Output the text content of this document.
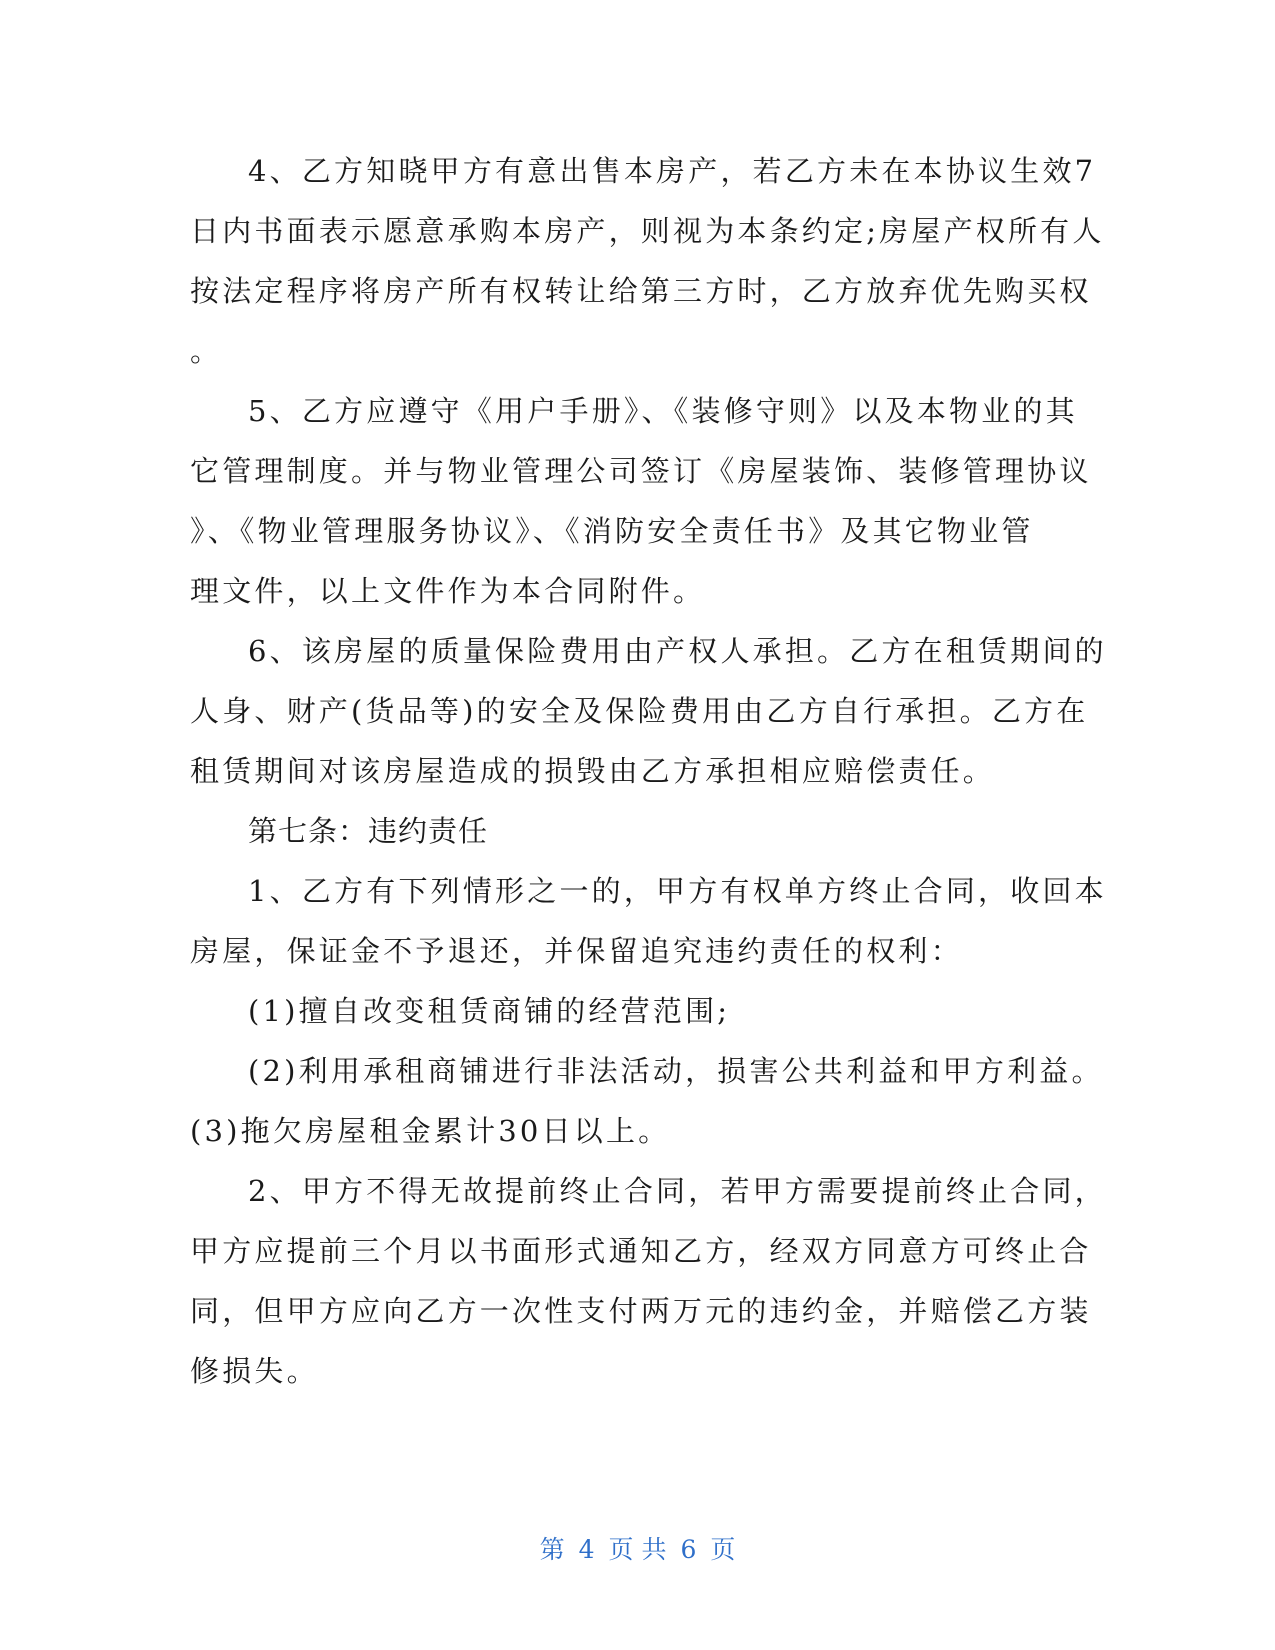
4、乙方知晓甲方有意出售本房产，若乙方未在本协议生效7
日内书面表示愿意承购本房产，则视为本条约定;房屋产权所有人
按法定程序将房产所有权转让给第三方时，乙方放弃优先购买权
。
5、乙方应遵守《用户手册》、《装修守则》以及本物业的其
它管理制度。并与物业管理公司签订《房屋装饰、装修管理协议
》、《物业管理服务协议》、《消防安全责任书》及其它物业管
理文件，以上文件作为本合同附件。
6、该房屋的质量保险费用由产权人承担。乙方在租赁期间的
人身、财产(货品等)的安全及保险费用由乙方自行承担。乙方在
租赁期间对该房屋造成的损毁由乙方承担相应赔偿责任。
第七条：违约责任
1、乙方有下列情形之一的，甲方有权单方终止合同，收回本
房屋，保证金不予退还，并保留追究违约责任的权利：
(1)擅自改变租赁商铺的经营范围;
(2)利用承租商铺进行非法活动，损害公共利益和甲方利益。
(3)拖欠房屋租金累计30日以上。
2、甲方不得无故提前终止合同，若甲方需要提前终止合同，
甲方应提前三个月以书面形式通知乙方，经双方同意方可终止合
同，但甲方应向乙方一次性支付两万元的违约金，并赔偿乙方装
修损失。
第 4 页 共 6 页
